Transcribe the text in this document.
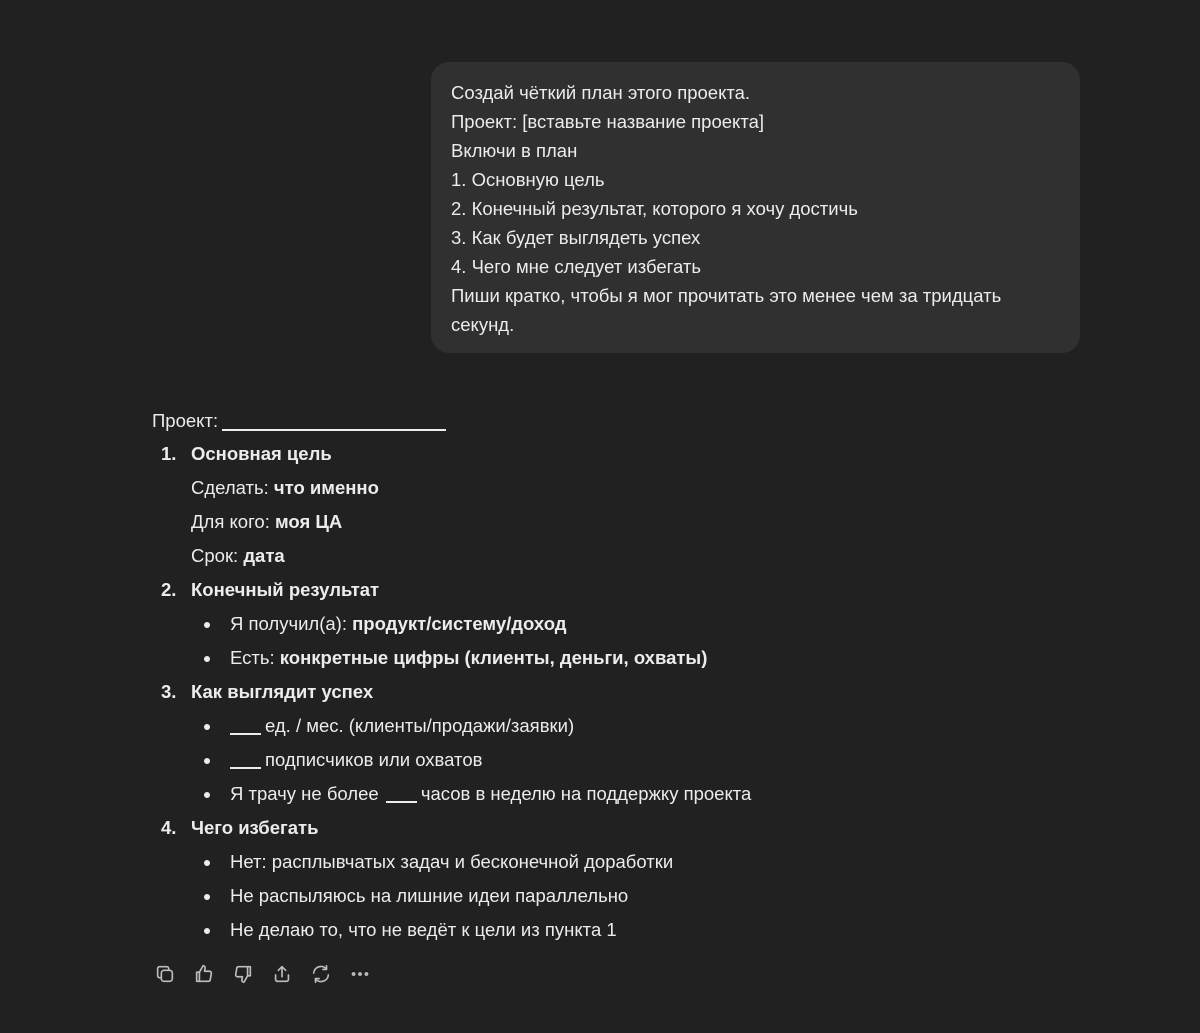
Создай чёткий план этого проекта.
Проект: [вставьте название проекта]
Включи в план
1. Основную цель
2. Конечный результат, которого я хочу достичь
3. Как будет выглядеть успех
4. Чего мне следует избегать
Пиши кратко, чтобы я мог прочитать это менее чем за тридцать
секунд.
Проект:
1. Основная цель
Сделать: что именно
Для кого: моя ЦА
Срок: дата
2. Конечный результат
Я получил(а): продукт/систему/доход
Есть: конкретные цифры (клиенты, деньги, охваты)
3. Как выглядит успех
ед. / мес. (клиенты/продажи/заявки)
подписчиков или охватов
Я трачу не более часов в неделю на поддержку проекта
4. Чего избегать
Нет: расплывчатых задач и бесконечной доработки
Не распыляюсь на лишние идеи параллельно
Не делаю то, что не ведёт к цели из пункта 1
